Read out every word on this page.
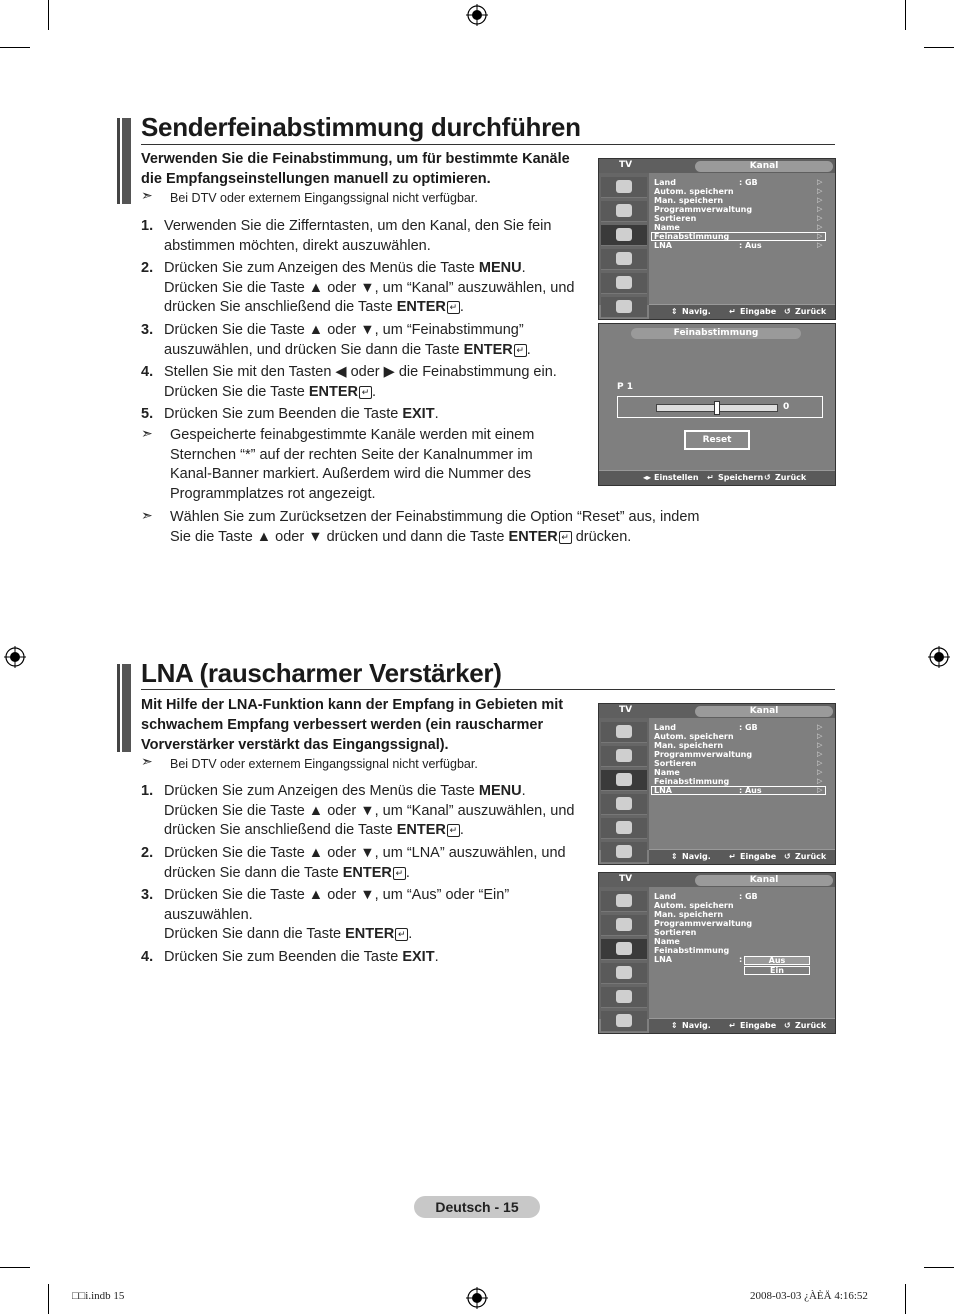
Senderfeinabstimmung durchführen
Verwenden Sie die Feinabstimmung, um für bestimmte Kanäle die Empfangseinstellungen manuell zu optimieren.
➣ Bei DTV oder externem Eingangssignal nicht verfügbar.
1. Verwenden Sie die Zifferntasten, um den Kanal, den Sie fein
abstimmen möchten, direkt auszuwählen.
2. Drücken Sie zum Anzeigen des Menüs die Taste MENU.
Drücken Sie die Taste ▲ oder ▼, um “Kanal” auszuwählen, und
drücken Sie anschließend die Taste ENTER ↵ .
3. Drücken Sie die Taste ▲ oder ▼, um “Feinabstimmung”
auszuwählen, und drücken Sie dann die Taste ENTER ↵ .
4. Stellen Sie mit den Tasten ◀ oder ▶ die Feinabstimmung ein.
Drücken Sie die Taste ENTER ↵ .
5. Drücken Sie zum Beenden die Taste EXIT.
➣ Gespeicherte feinabgestimmte Kanäle werden mit einem
Sternchen “*” auf der rechten Seite der Kanalnummer im
Kanal-Banner markiert. Außerdem wird die Nummer des
Programmplatzes rot angezeigt.
➣ Wählen Sie zum Zurücksetzen der Feinabstimmung die Option “Reset” aus, indem
Sie die Taste ▲ oder ▼ drücken und dann die Taste ENTER ↵ drücken.
TV	Kanal
Land	: GB
Autom. speichern
Man. speichern
Programmverwaltung
Sortieren
Name
Feinabstimmung
LNA	: Aus
▷
▷
▷
▷
▷
▷
▷
▷
⇕ Navig. ↵ Eingabe ↺ Zurück
Feinabstimmung
P 1
0
Reset
◂▸ Einstellen ↵ Speichern ↺ Zurück
LNA (rauscharmer Verstärker)
Mit Hilfe der LNA-Funktion kann der Empfang in Gebieten mit schwachem Empfang verbessert werden (ein rauscharmer Vorverstärker verstärkt das Eingangssignal).
➣ Bei DTV oder externem Eingangssignal nicht verfügbar.
1. Drücken Sie zum Anzeigen des Menüs die Taste MENU.
Drücken Sie die Taste ▲ oder ▼, um “Kanal” auszuwählen, und
drücken Sie anschließend die Taste ENTER ↵ .
2. Drücken Sie die Taste ▲ oder ▼, um “LNA” auszuwählen, und
drücken Sie dann die Taste ENTER ↵ .
3. Drücken Sie die Taste ▲ oder ▼, um “Aus” oder “Ein”
auszuwählen.
Drücken Sie dann die Taste ENTER ↵ .
4. Drücken Sie zum Beenden die Taste EXIT.
TV	Kanal
Land	: GB
Autom. speichern
Man. speichern
Programmverwaltung
Sortieren
Name
Feinabstimmung
LNA	: Aus
▷
▷
▷
▷
▷
▷
▷
▷
⇕ Navig. ↵ Eingabe ↺ Zurück
TV	Kanal
Land	: GB
Autom. speichern
Man. speichern
Programmverwaltung
Sortieren
Name
Feinabstimmung
LNA	:	Aus
Ein
⇕ Navig. ↵ Eingabe ↺ Zurück
Deutsch - 15
□□i.indb 15	2008-03-03 ¿ÀÈÄ 4:16:52
